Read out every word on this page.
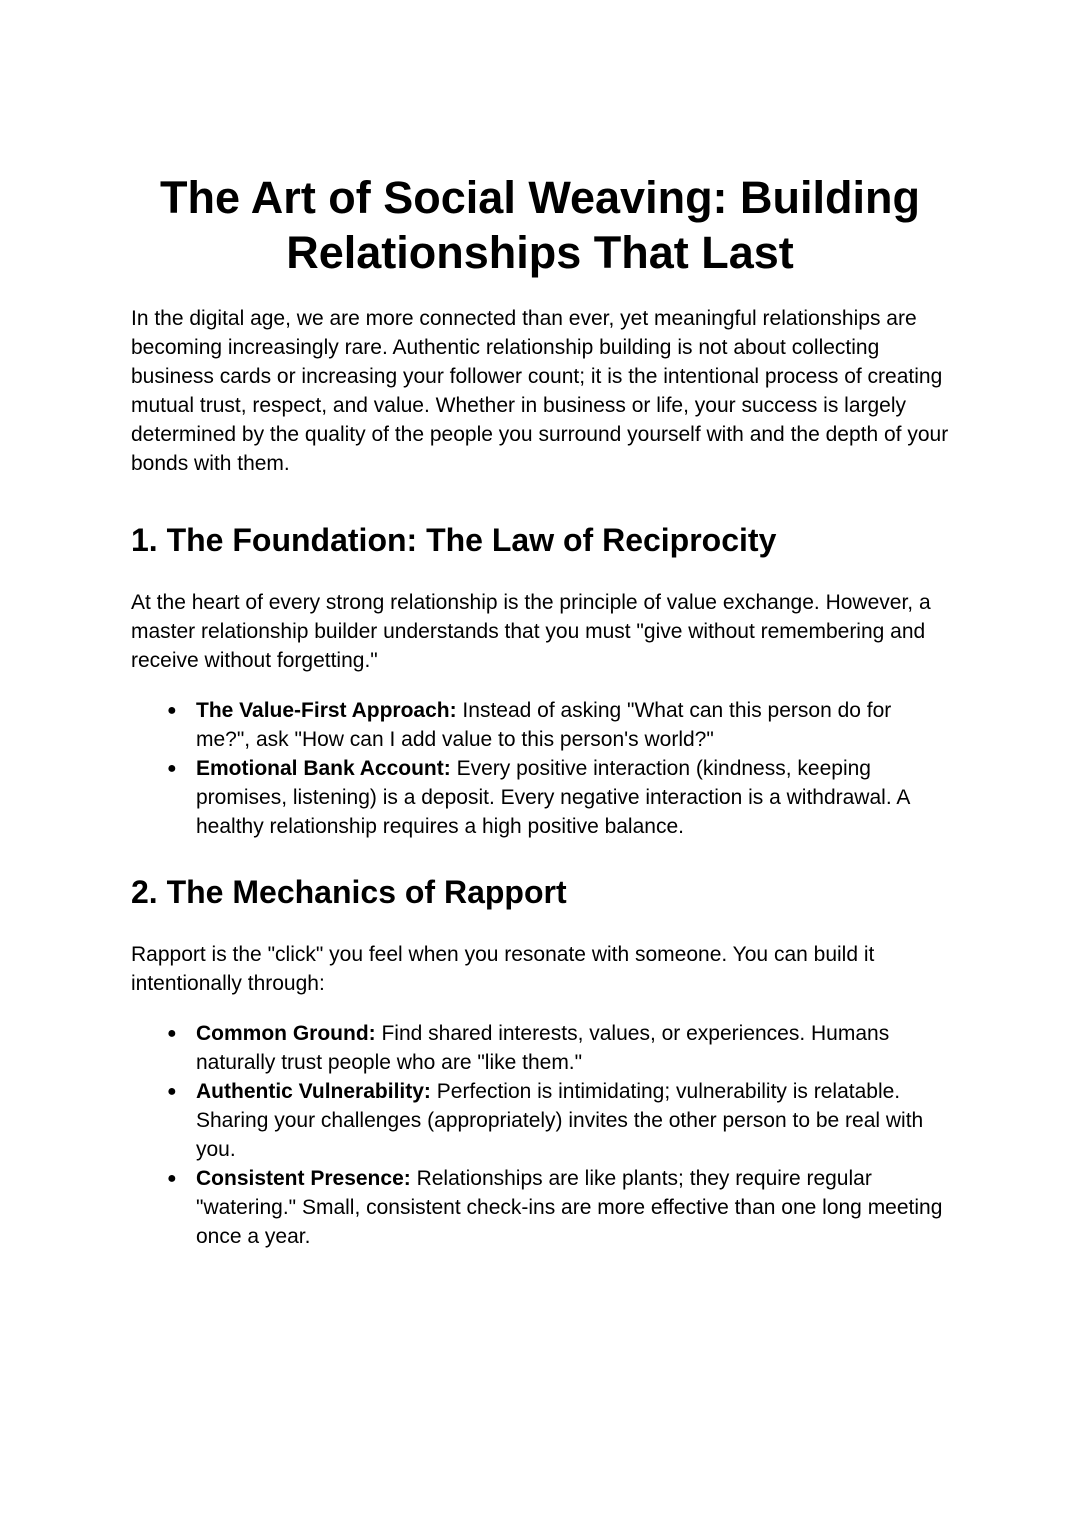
The Art of Social Weaving: Building
Relationships That Last

In the digital age, we are more connected than ever, yet meaningful relationships are becoming increasingly rare. Authentic relationship building is not about collecting business cards or increasing your follower count; it is the intentional process of creating mutual trust, respect, and value. Whether in business or life, your success is largely determined by the quality of the people you surround yourself with and the depth of your bonds with them.

1. The Foundation: The Law of Reciprocity

At the heart of every strong relationship is the principle of value exchange. However, a master relationship builder understands that you must "give without remembering and receive without forgetting."

● The Value-First Approach: Instead of asking "What can this person do for me?", ask "How can I add value to this person's world?"
● Emotional Bank Account: Every positive interaction (kindness, keeping promises, listening) is a deposit. Every negative interaction is a withdrawal. A healthy relationship requires a high positive balance.
2. The Mechanics of Rapport

Rapport is the "click" you feel when you resonate with someone. You can build it intentionally through:

● Common Ground: Find shared interests, values, or experiences. Humans naturally trust people who are "like them."
● Authentic Vulnerability: Perfection is intimidating; vulnerability is relatable. Sharing your challenges (appropriately) invites the other person to be real with you.
● Consistent Presence: Relationships are like plants; they require regular "watering." Small, consistent check-ins are more effective than one long meeting once a year.
